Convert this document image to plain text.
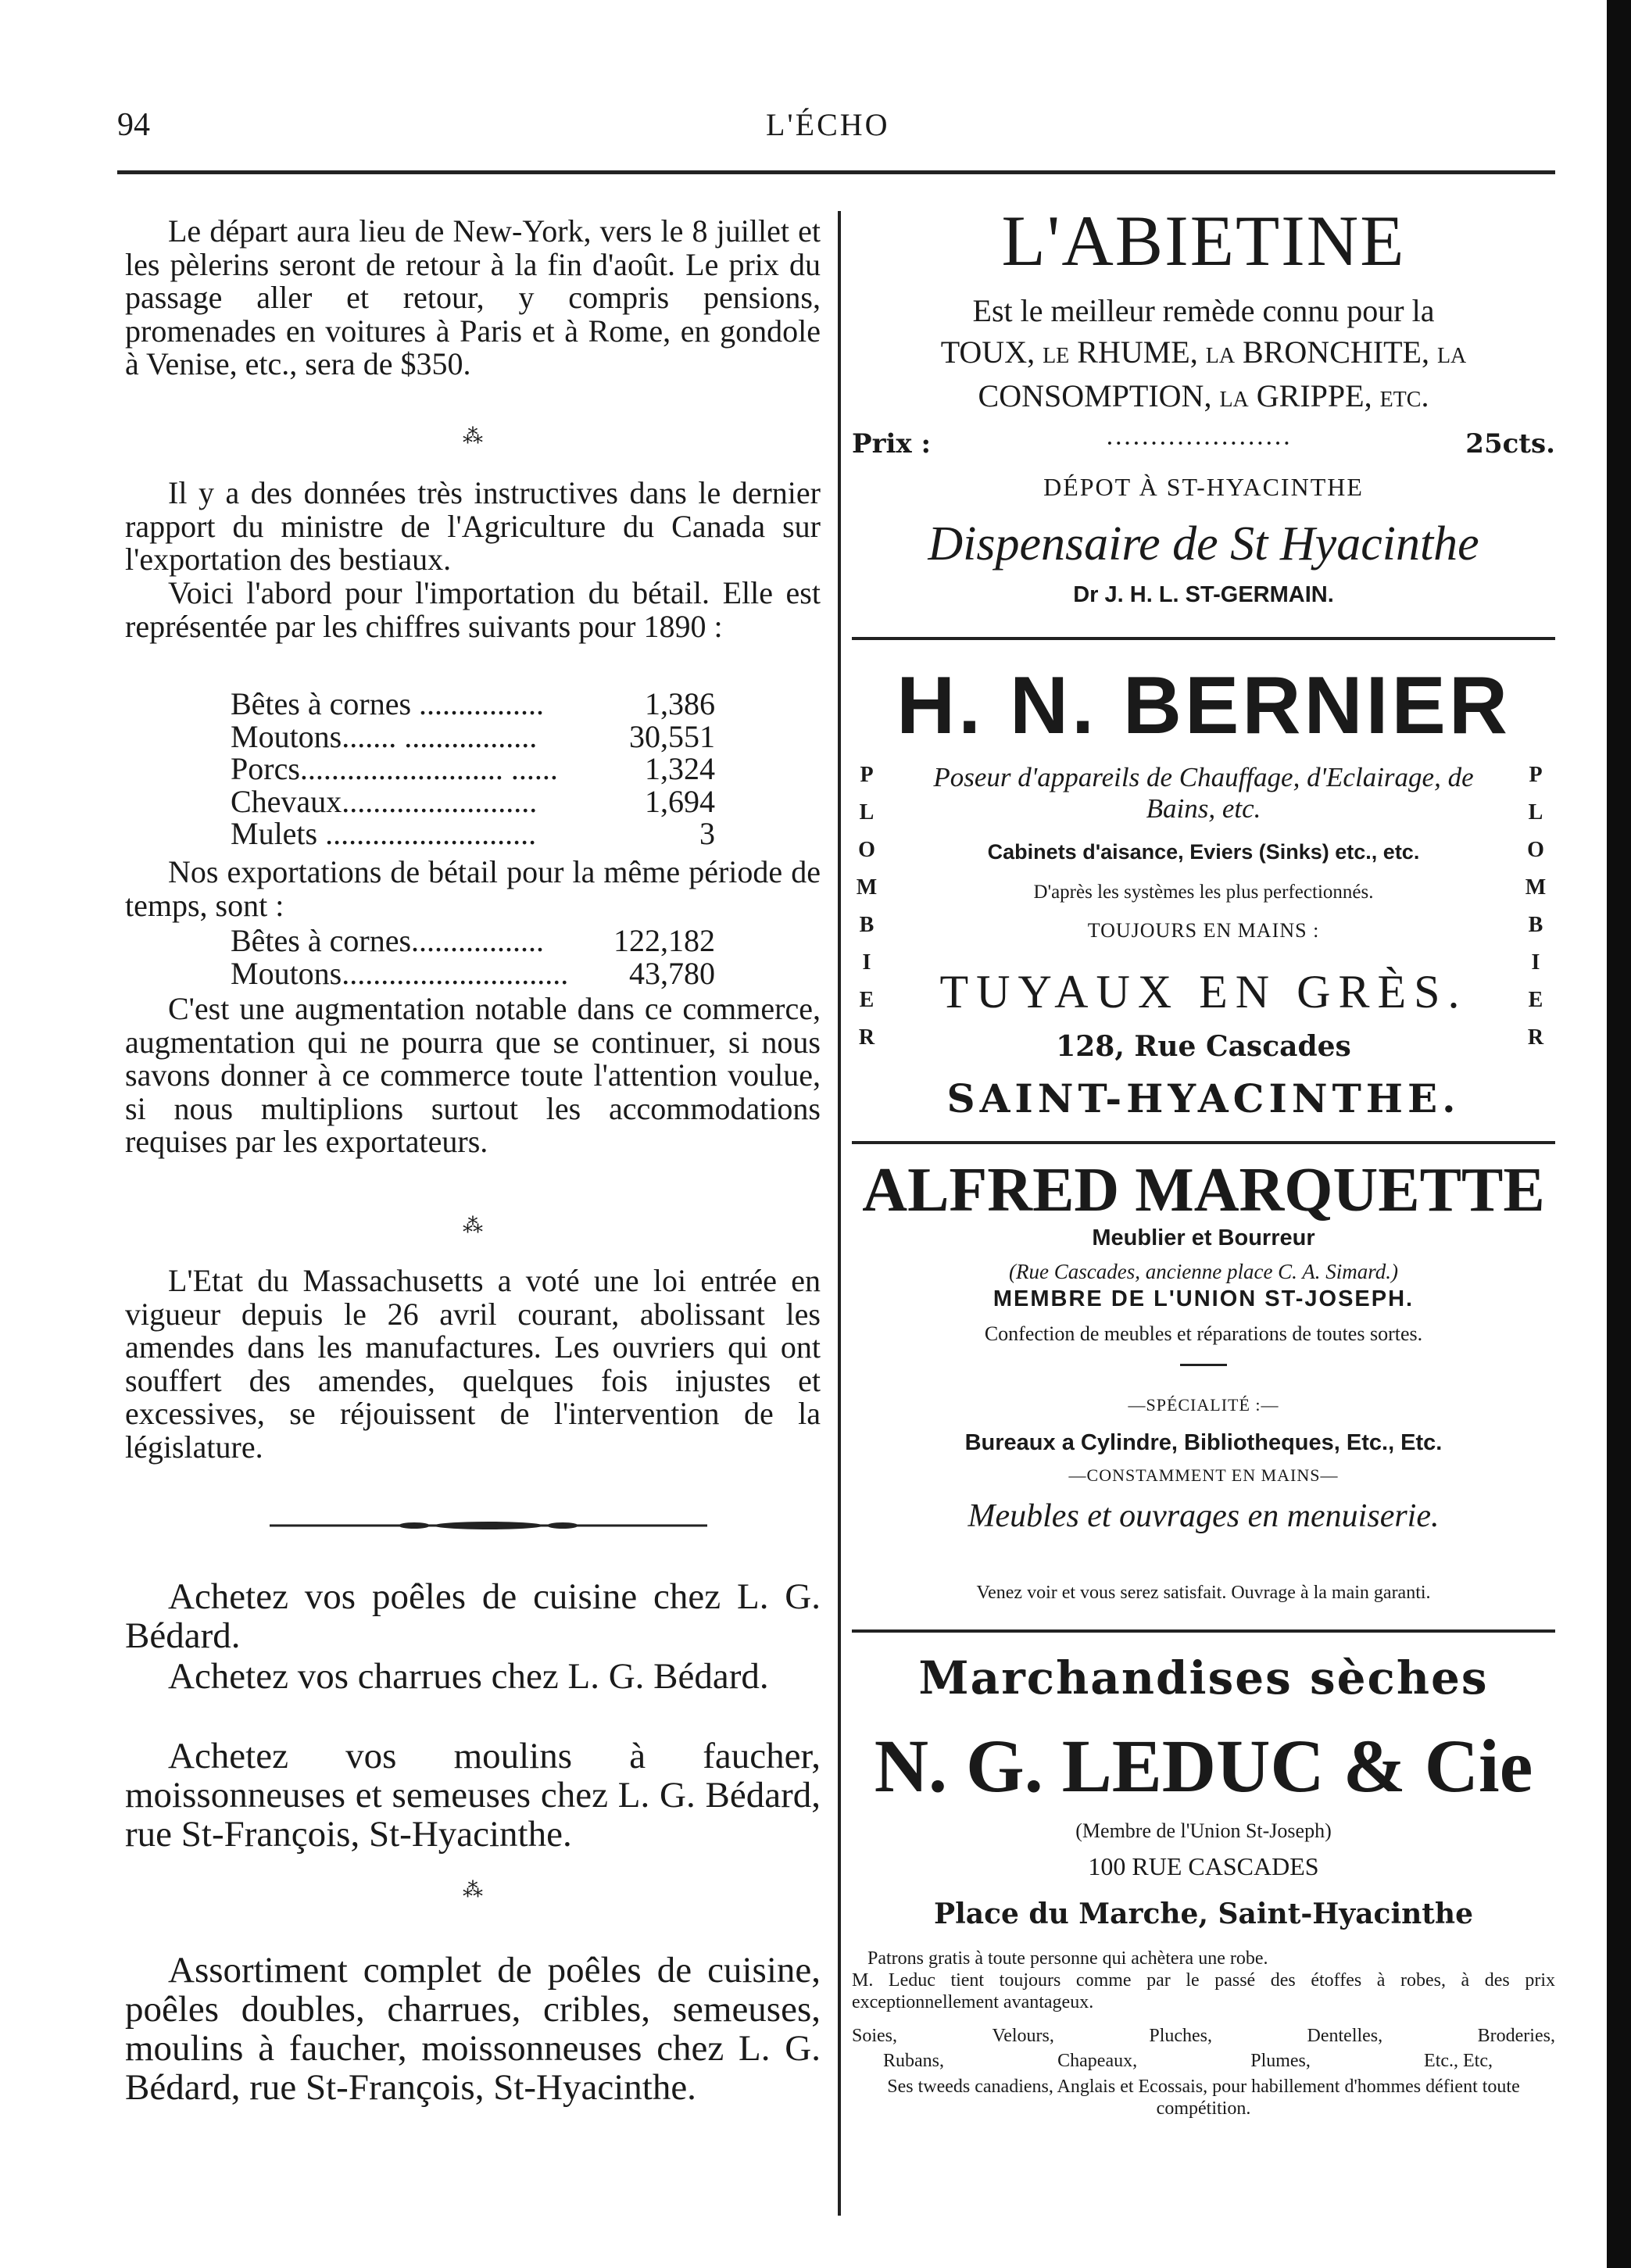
94	L'ÉCHO

Le départ aura lieu de New-York, vers le 8 juillet et les pèlerins seront de retour à la fin d'août. Le prix du passage aller et retour, y compris pensions, promenades en voitures à Paris et à Rome, en gondole à Venise, etc., sera de $350.

⁂

Il y a des données très instructives dans le dernier rapport du ministre de l'Agriculture du Canada sur l'exportation des bestiaux.

Voici l'abord pour l'importation du bétail. Elle est représentée par les chiffres suivants pour 1890 :

Bêtes à cornes ................	1,386
Moutons....... .................	30,551
Porcs.......................... ......	1,324
Chevaux.........................	1,694
Mulets ...........................	3

Nos exportations de bétail pour la même période de temps, sont :

Bêtes à cornes.................	122,182
Moutons.............................	43,780

C'est une augmentation notable dans ce commerce, augmentation qui ne pourra que se continuer, si nous savons donner à ce commerce toute l'attention voulue, si nous multiplions surtout les accommodations requises par les exportateurs.

⁂

L'Etat du Massachusetts a voté une loi entrée en vigueur depuis le 26 avril courant, abolissant les amendes dans les manufactures. Les ouvriers qui ont souffert des amendes, quelques fois injustes et excessives, se réjouissent de l'intervention de la législature.

Achetez vos poêles de cuisine chez L. G. Bédard.

Achetez vos charrues chez L. G. Bédard.

Achetez vos moulins à faucher, moissonneuses et semeuses chez L. G. Bédard, rue St-François, St-Hyacinthe.

⁂

Assortiment complet de poêles de cuisine, poêles doubles, charrues, cribles, semeuses, moulins à faucher, moissonneuses chez L. G. Bédard, rue St-François, St-Hyacinthe.

L'ABIETINE
Est le meilleur remède connu pour la
TOUX, le RHUME, la BRONCHITE, la
CONSOMPTION, la GRIPPE, etc.
Prix :	·····················	25cts.
DÉPOT À ST-HYACINTHE
Dispensaire de St Hyacinthe
Dr J. H. L. ST-GERMAIN.
H. N. BERNIER
P
L
O
M
B
I
E
R
P
L
O
M
B
I
E
R
Poseur d'appareils de Chauffage, d'Eclairage, de Bains, etc.
Cabinets d'aisance, Eviers (Sinks) etc., etc.
D'après les systèmes les plus perfectionnés.
TOUJOURS EN MAINS :
TUYAUX EN GRÈS.
128, Rue Cascades
SAINT-HYACINTHE.
ALFRED MARQUETTE
Meublier et Bourreur
(Rue Cascades, ancienne place C. A. Simard.)
MEMBRE DE L'UNION ST-JOSEPH.
Confection de meubles et réparations de toutes sortes.
—SPÉCIALITÉ :—
Bureaux a Cylindre, Bibliotheques, Etc., Etc.
—CONSTAMMENT EN MAINS—
Meubles et ouvrages en menuiserie.
Venez voir et vous serez satisfait. Ouvrage à la main garanti.
Marchandises sèches
N. G. LEDUC & Cie
(Membre de l'Union St-Joseph)
100 RUE CASCADES
Place du Marche, Saint-Hyacinthe
Patrons gratis à toute personne qui achètera une robe.
M. Leduc tient toujours comme par le passé des étoffes à robes, à des prix exceptionnellement avantageux.
Soies,	Velours,	Pluches,	Dentelles,	Broderies,
Rubans,	Chapeaux,	Plumes,	Etc., Etc,
Ses tweeds canadiens, Anglais et Ecossais, pour habillement d'hommes défient toute compétition.
